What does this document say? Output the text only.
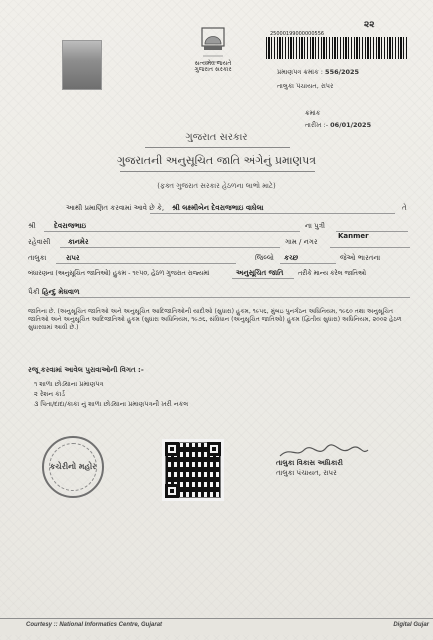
૨૨
25000199000000556
સત્યમેવ જયતે
ગુજરાત સરકાર	પ્રમાણપત્ર ક્રમાંક : 556/2025
તાલુકા પંચાયત, રાપર
ક્રમાંક
તારીખ :- 06/01/2025
ગુજરાત સરકાર
ગુજરાતની અનુસૂચિત જાતિ અંગેનું પ્રમાણપત્ર
(ફક્ત ગુજરાત સરકાર હેઠળના લાભો માટે)
આથી પ્રમાણિત કરવામાં આવે છે કે, શ્રી લક્ષ્મીબેન દેવરાજભાઇ વાઘેલા	તે
શ્રી	દેવરાજભાઇ	ના પુત્રી
રહેવાસી	કાનમેર	ગામ / નગર
Kanmer
તાલુકા	રાપર	જિલ્લો કચ્છ	જેઓ ભારતના
બંધારણના (અનુસૂચિત જાતિઓ) હુકમ - ૧૯૫૦, હેઠળ ગુજરાત રાજ્યમાં	અનુસૂચિત જાતિ તરીકે માન્ય કરેલ જાતિઓ
પૈકી હિન્દુ મેઘવાળ
જાતિના છે. (અનુસૂચિત જાતિઓ અને અનુસૂચિત આદિજાતિઓની યાદીઓ (સુધારા) હુકમ, ૧૯૫૬, મુંબઇ પુનર્ગઠન અધિનિયમ, ૧૯૬૦ તથા અનુસૂચિત જાતિઓ અને અનુસૂચિત આદિજાતિઓ હુકમ (સુધારા અધિનિયમ, ૧૯૭૬, સંવિધાન (અનુસૂચિત જાતિઓ) હુકમ (દ્વિતીય સુધારા) અધિનિયમ, ૨૦૦૨ હેઠળ સુધારવામાં આવી છે.)
રજૂ કરવામાં આવેલ પુરાવાઓની વિગત :-
૧ શાળા છોડ્યાના પ્રમાણપત્ર
૨ રેશન કાર્ડ
૩ પિતા/દાદા/કાકા નું શાળા છોડ્યાના પ્રમાણપત્રની ખરી નકલ
કચેરીનો મહોર	તાલુકા વિકાસ અધિકારી
તાલુકા પંચાયત, રાપર
Courtesy :: National Informatics Centre, Gujarat	Digital Gujar
